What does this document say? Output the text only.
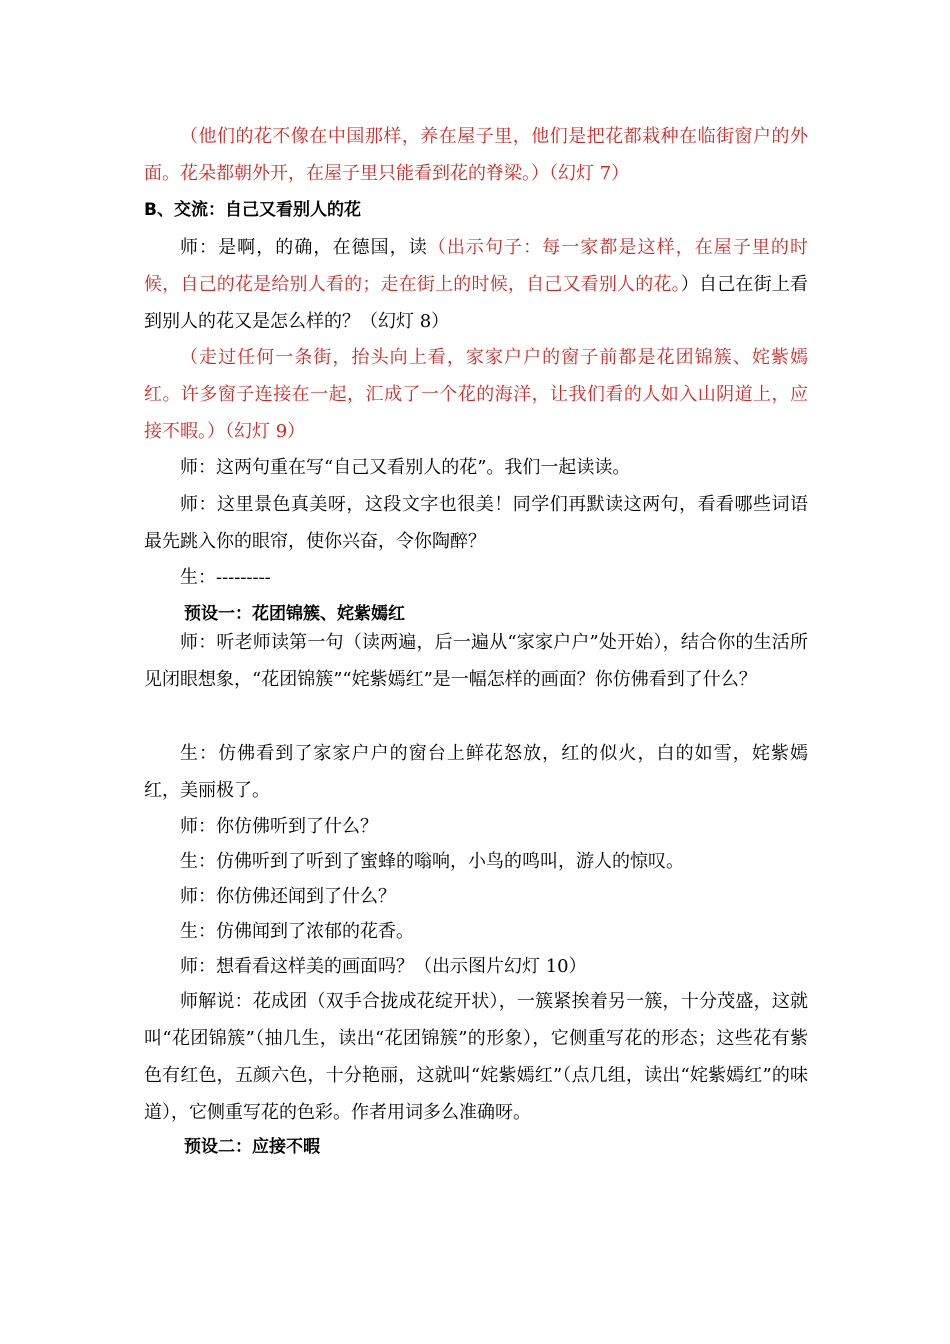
（他们的花不像在中国那样，养在屋子里，他们是把花都栽种在临街窗户的外面。花朵都朝外开，在屋子里只能看到花的脊梁。）（幻灯 7）

B、交流：自己又看别人的花

师：是啊，的确，在德国，读（出示句子：每一家都是这样，在屋子里的时候，自己的花是给别人看的；走在街上的时候，自己又看别人的花。）自己在街上看到别人的花又是怎么样的？（幻灯 8）

（走过任何一条街，抬头向上看，家家户户的窗子前都是花团锦簇、姹紫嫣红。许多窗子连接在一起，汇成了一个花的海洋，让我们看的人如入山阴道上，应接不暇。）（幻灯 9）

师：这两句重在写“自己又看别人的花”。我们一起读读。

师：这里景色真美呀，这段文字也很美！同学们再默读这两句，看看哪些词语最先跳入你的眼帘，使你兴奋，令你陶醉？

生：---------

预设一：花团锦簇、姹紫嫣红

师：听老师读第一句（读两遍，后一遍从“家家户户”处开始），结合你的生活所见闭眼想象，“花团锦簇”“姹紫嫣红”是一幅怎样的画面？你仿佛看到了什么？

生：仿佛看到了家家户户的窗台上鲜花怒放，红的似火，白的如雪，姹紫嫣红，美丽极了。

师：你仿佛听到了什么？

生：仿佛听到了听到了蜜蜂的嗡响，小鸟的鸣叫，游人的惊叹。

师：你仿佛还闻到了什么？

生：仿佛闻到了浓郁的花香。

师：想看看这样美的画面吗？（出示图片幻灯 10）

师解说：花成团（双手合拢成花绽开状），一簇紧挨着另一簇，十分茂盛，这就叫“花团锦簇”（抽几生，读出“花团锦簇”的形象），它侧重写花的形态；这些花有紫色有红色，五颜六色，十分艳丽，这就叫“姹紫嫣红”（点几组，读出“姹紫嫣红”的味道），它侧重写花的色彩。作者用词多么准确呀。

预设二：应接不暇
